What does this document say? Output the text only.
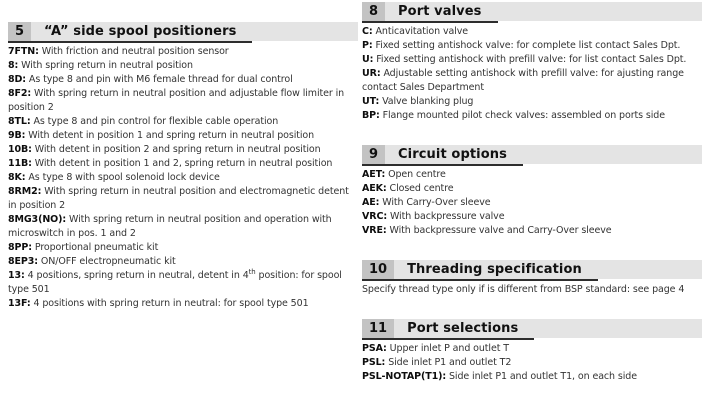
5 “A” side spool positioners

7FTN: With friction and neutral position sensor

8: With spring return in neutral position

8D: As type 8 and pin with M6 female thread for dual control

8F2: With spring return in neutral position and adjustable flow limiter in position 2

8TL: As type 8 and pin control for flexible cable operation

9B: With detent in position 1 and spring return in neutral position

10B: With detent in position 2 and spring return in neutral position

11B: With detent in position 1 and 2, spring return in neutral position

8K: As type 8 with spool solenoid lock device

8RM2: With spring return in neutral position and electromagnetic detent in position 2

8MG3(NO): With spring return in neutral position and operation with microswitch in pos. 1 and 2

8PP: Proportional pneumatic kit

8EP3: ON/OFF electropneumatic kit

13: 4 positions, spring return in neutral, detent in 4th position: for spool type 501

13F: 4 positions with spring return in neutral: for spool type 501

8 Port valves

C: Anticavitation valve

P: Fixed setting antishock valve: for complete list contact Sales Dpt.

U: Fixed setting antishock with prefill valve: for list contact Sales Dpt.

UR: Adjustable setting antishock with prefill valve: for ajusting range contact Sales Department

UT: Valve blanking plug

BP: Flange mounted pilot check valves: assembled on ports side

9 Circuit options

AET: Open centre

AEK: Closed centre

AE: With Carry-Over sleeve

VRC: With backpressure valve

VRE: With backpressure valve and Carry-Over sleeve

10 Threading specification

Specify thread type only if is different from BSP standard: see page 4

11 Port selections

PSA: Upper inlet P and outlet T

PSL: Side inlet P1 and outlet T2

PSL-NOTAP(T1): Side inlet P1 and outlet T1, on each side
